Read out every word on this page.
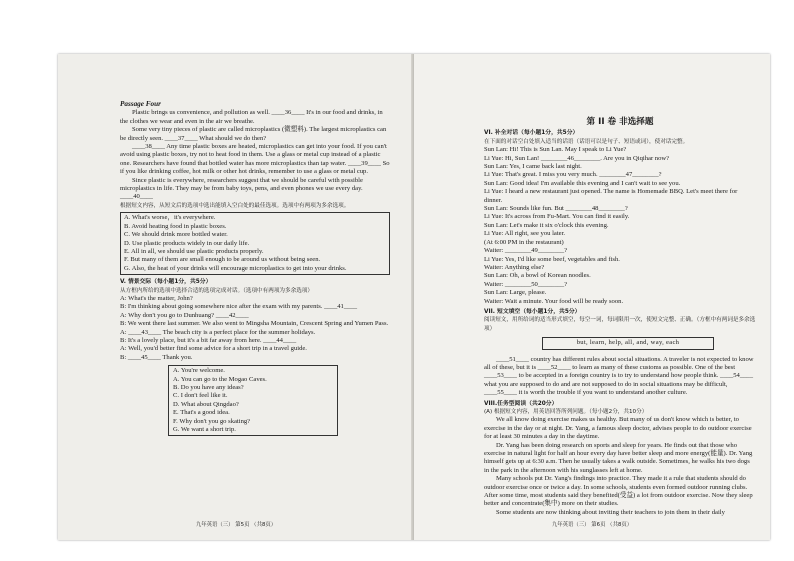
Passage Four

Plastic brings us convenience, and pollution as well. ____36____ It's in our food and drinks, in the clothes we wear and even in the air we breathe.

Some very tiny pieces of plastic are called microplastics (微塑料). The largest microplastics can be directly seen. ____37____ What should we do then?

____38____ Any time plastic boxes are heated, microplastics can get into your food. If you can't avoid using plastic boxes, try not to heat food in them. Use a glass or metal cup instead of a plastic one. Researchers have found that bottled water has more microplastics than tap water. ____39____ So if you like drinking coffee, hot milk or other hot drinks, remember to use a glass or metal cup.

Since plastic is everywhere, researchers suggest that we should be careful with possible microplastics in life. They may be from baby toys, pens, and even phones we use every day. ____40____

根据短文内容，从短文后的选项中选出能填入空白处的最佳选项。选项中有两项为多余选项。

A. What's worse，it's everywhere.

B. Avoid heating food in plastic boxes.

C. We should drink more bottled water.

D. Use plastic products widely in our daily life.

E. All in all, we should use plastic products properly.

F. But many of them are small enough to be around us without being seen.

G. Also, the heat of your drinks will encourage microplastics to get into your drinks.

V. 情景交际（每小题1分，共5分）

从方框内所给的选项中选择合适的选项完成对话。（选项中有两项为多余选项）

A: What's the matter, John?

B: I'm thinking about going somewhere nice after the exam with my parents. ____41____

A: Why don't you go to Dunhuang? ____42____

B: We went there last summer. We also went to Mingsha Mountain, Crescent Spring and Yumen Pass.

A: ____43____ The beach city is a perfect place for the summer holidays.

B: It's a lovely place, but it's a bit far away from here. ____44____

A: Well, you'd better find some advice for a short trip in a travel guide.

B: ____45____ Thank you.

A. You're welcome.

A. You can go to the Mogao Caves.

B. Do you have any ideas?

C. I don't feel like it.

D. What about Qingdao?

E. That's a good idea.

F. Why don't you go skating?

G. We want a short trip.

九年英语（三） 第5页 （共8页）

第 II 卷 非选择题

VI. 补全对话（每小题1分，共5分）

在下面的对话空白处填入适当的话语（话语可以是句子、短语或词），使对话完整。

Sun Lan: Hi! This is Sun Lan. May I speak to Li Yue?

Li Yue: Hi, Sun Lan! ________46________. Are you in Qiqihar now?

Sun Lan: Yes, I came back last night.

Li Yue: That's great. I miss you very much. ________47________?

Sun Lan: Good idea! I'm available this evening and I can't wait to see you.

Li Yue: I heard a new restaurant just opened. The name is Homemade BBQ. Let's meet there for dinner.

Sun Lan: Sounds like fun. But ________48________?

Li Yue: It's across from Fu-Mart. You can find it easily.

Sun Lan: Let's make it six o'clock this evening.

Li Yue: All right, see you later.

(At 6:00 PM in the restaurant)

Waiter: ________49________?

Li Yue: Yes, I'd like some beef, vegetables and fish.

Waiter: Anything else?

Sun Lan: Oh, a bowl of Korean noodles.

Waiter: ________50________?

Sun Lan: Large, please.

Waiter: Wait a minute. Your food will be ready soon.

VII. 短文填空（每小题1分，共5分）

阅读短文，用所给词的适当形式填空，每空一词，每词限用一次，使短文完整、正确。（方框中有两词是多余选项）

but, learn, help, all, and, way, each

____51____ country has different rules about social situations. A traveler is not expected to know all of these, but it is ____52____ to learn as many of these customs as possible. One of the best ____53____ to be accepted in a foreign country is to try to understand how people think. ____54____ what you are supposed to do and are not supposed to do in social situations may be difficult, ____55____ it is worth the trouble if you want to understand another culture.

VIII.任务型阅读（共20分）

(A) 根据短文内容，用英语回答所列问题。（每小题2分，共10分）

We all know doing exercise makes us healthy. But many of us don't know which is better, to exercise in the day or at night. Dr. Yang, a famous sleep doctor, advises people to do outdoor exercise for at least 30 minutes a day in the daytime.

Dr. Yang has been doing research on sports and sleep for years. He finds out that those who exercise in natural light for half an hour every day have better sleep and more energy(能量). Dr. Yang himself gets up at 6:30 a.m. Then he usually takes a walk outside. Sometimes, he walks his two dogs in the park in the afternoon with his sunglasses left at home.

Many schools put Dr. Yang's findings into practice. They made it a rule that students should do outdoor exercise once or twice a day. In some schools, students even formed outdoor running clubs. After some time, most students said they benefited(受益) a lot from outdoor exercise. Now they sleep better and concentrate(集中) more on their studies.

Some students are now thinking about inviting their teachers to join them in their daily

九年英语（三） 第6页 （共8页）
